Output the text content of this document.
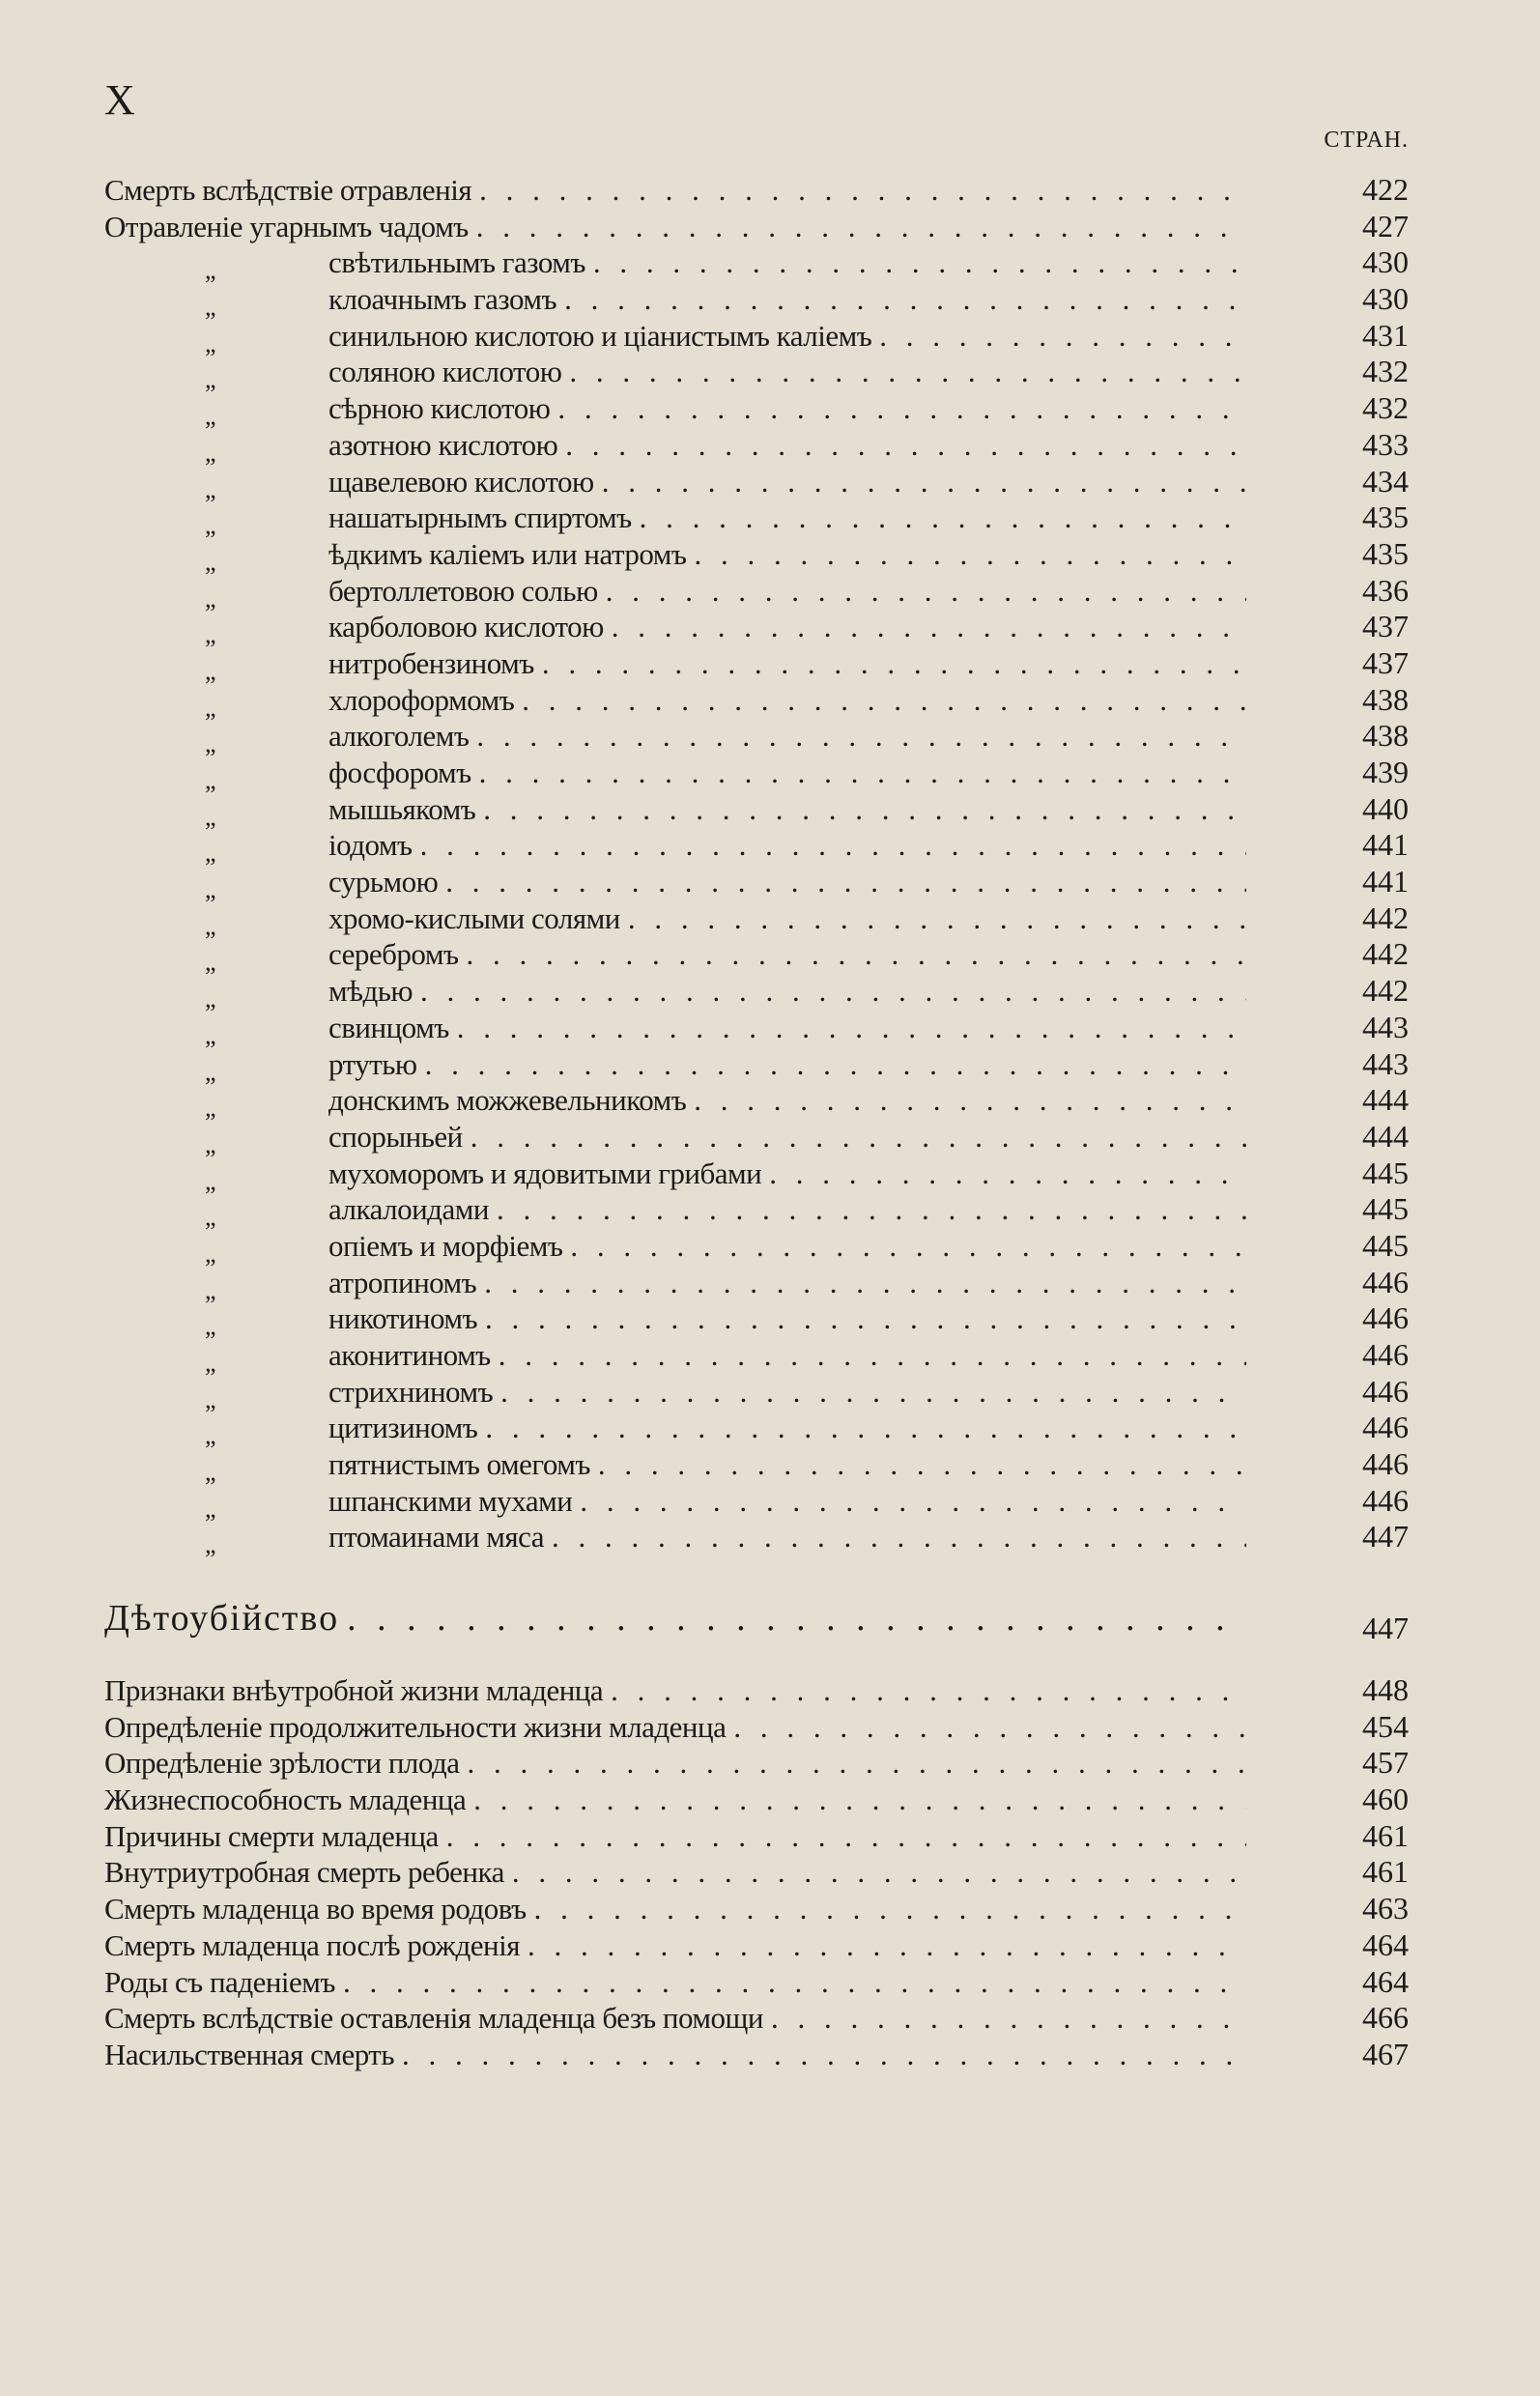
X
СТРАН.
Смерть вслѣдствіе отравленія . . .	422
Отравленіе угарнымъ чадомъ . . .	427
„	свѣтильнымъ газомъ . . .	430
„	клоачнымъ газомъ . . .	430
„	синильною кислотою и ціанистымъ каліемъ . . .	431
„	соляною кислотою . . .	432
„	сѣрною кислотою . . .	432
„	азотною кислотою . . .	433
„	щавелевою кислотою . . .	434
„	нашатырнымъ спиртомъ . . .	435
„	ѣдкимъ каліемъ или натромъ . . .	435
„	бертоллетовою солью . . .	436
„	карболовою кислотою . . .	437
„	нитробензиномъ . . .	437
„	хлороформомъ . . .	438
„	алкоголемъ . . .	438
„	фосфоромъ . . .	439
„	мышьякомъ . . .	440
„	іодомъ . . .	441
„	сурьмою . . .	441
„	хромо-кислыми солями . . .	442
„	серебромъ . . .	442
„	мѣдью . . .	442
„	свинцомъ . . .	443
„	ртутью . . .	443
„	донскимъ можжевельникомъ . . .	444
„	спорыньей . . .	444
„	мухоморомъ и ядовитыми грибами . . .	445
„	алкалоидами . . .	445
„	опіемъ и морфіемъ . . .	445
„	атропиномъ . . .	446
„	никотиномъ . . .	446
„	аконитиномъ . . .	446
„	стрихниномъ . . .	446
„	цитизиномъ . . .	446
„	пятнистымъ омегомъ . . .	446
„	шпанскими мухами . . .	446
„	птомаинами мяса . . .	447
Дѣтоубійство . . .	447
Признаки внѣутробной жизни младенца . . .	448
Опредѣленіе продолжительности жизни младенца . . .	454
Опредѣленіе зрѣлости плода . . .	457
Жизнеспособность младенца . . .	460
Причины смерти младенца . . .	461
Внутриутробная смерть ребенка . . .	461
Смерть младенца во время родовъ . . .	463
Смерть младенца послѣ рожденія . . .	464
Роды съ паденіемъ . . .	464
Смерть вслѣдствіе оставленія младенца безъ помощи . . .	466
Насильственная смерть . . .	467
